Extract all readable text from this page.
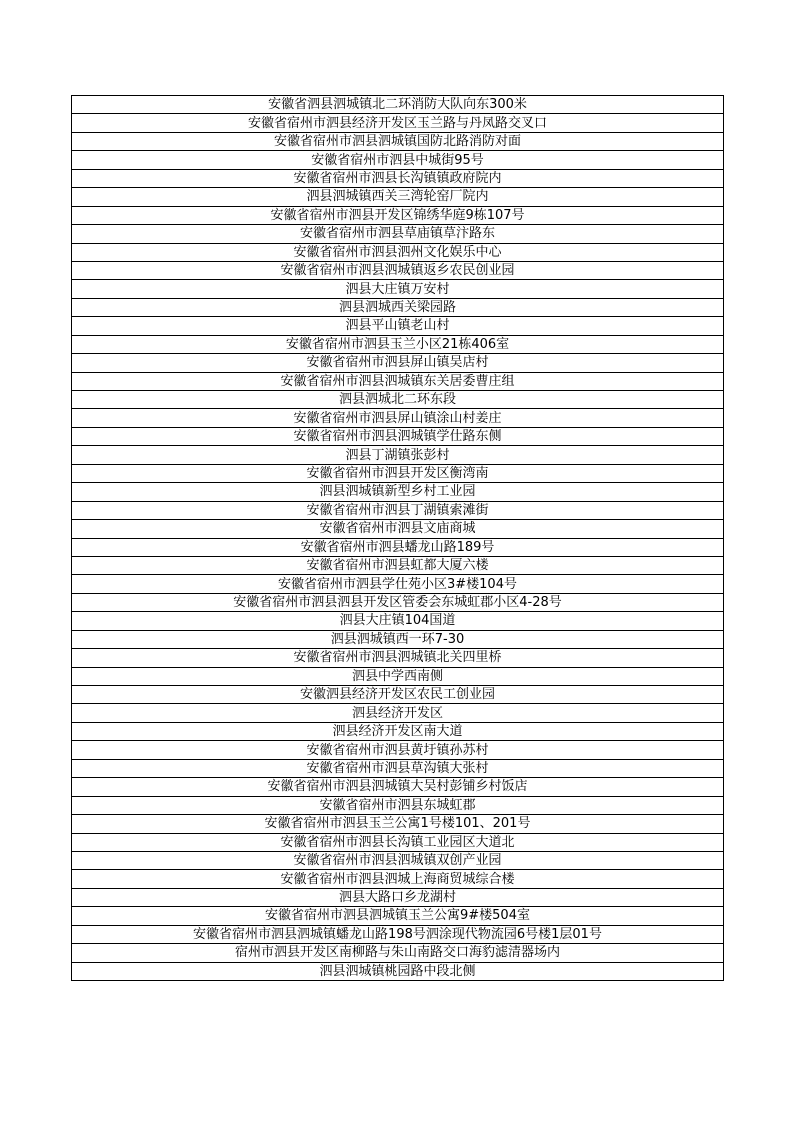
安徽省泗县泗城镇北二环消防大队向东300米
安徽省宿州市泗县经济开发区玉兰路与丹凤路交叉口
安徽省宿州市泗县泗城镇国防北路消防对面
安徽省宿州市泗县中城街95号
安徽省宿州市泗县长沟镇镇政府院内
泗县泗城镇西关三湾轮窑厂院内
安徽省宿州市泗县开发区锦绣华庭9栋107号
安徽省宿州市泗县草庙镇草汴路东
安徽省宿州市泗县泗州文化娱乐中心
安徽省宿州市泗县泗城镇返乡农民创业园
泗县大庄镇万安村
泗县泗城西关梁园路
泗县平山镇老山村
安徽省宿州市泗县玉兰小区21栋406室
安徽省宿州市泗县屏山镇吴店村
安徽省宿州市泗县泗城镇东关居委曹庄组
泗县泗城北二环东段
安徽省宿州市泗县屏山镇涂山村姜庄
安徽省宿州市泗县泗城镇学仕路东侧
泗县丁湖镇张彭村
安徽省宿州市泗县开发区衡湾南
泗县泗城镇新型乡村工业园
安徽省宿州市泗县丁湖镇索滩街
安徽省宿州市泗县文庙商城
安徽省宿州市泗县蟠龙山路189号
安徽省宿州市泗县虹都大厦六楼
安徽省宿州市泗县学仕苑小区3#楼104号
安徽省宿州市泗县泗县开发区管委会东城虹郡小区4-28号
泗县大庄镇104国道
泗县泗城镇西一环7-30
安徽省宿州市泗县泗城镇北关四里桥
泗县中学西南侧
安徽泗县经济开发区农民工创业园
泗县经济开发区
泗县经济开发区南大道
安徽省宿州市泗县黄圩镇孙苏村
安徽省宿州市泗县草沟镇大张村
安徽省宿州市泗县泗城镇大吴村彭铺乡村饭店
安徽省宿州市泗县东城虹郡
安徽省宿州市泗县玉兰公寓1号楼101、201号
安徽省宿州市泗县长沟镇工业园区大道北
安徽省宿州市泗县泗城镇双创产业园
安徽省宿州市泗县泗城上海商贸城综合楼
泗县大路口乡龙湖村
安徽省宿州市泗县泗城镇玉兰公寓9#楼504室
安徽省宿州市泗县泗城镇蟠龙山路198号泗涂现代物流园6号楼1层01号
宿州市泗县开发区南柳路与朱山南路交口海豹滤清器场内
泗县泗城镇桃园路中段北侧
